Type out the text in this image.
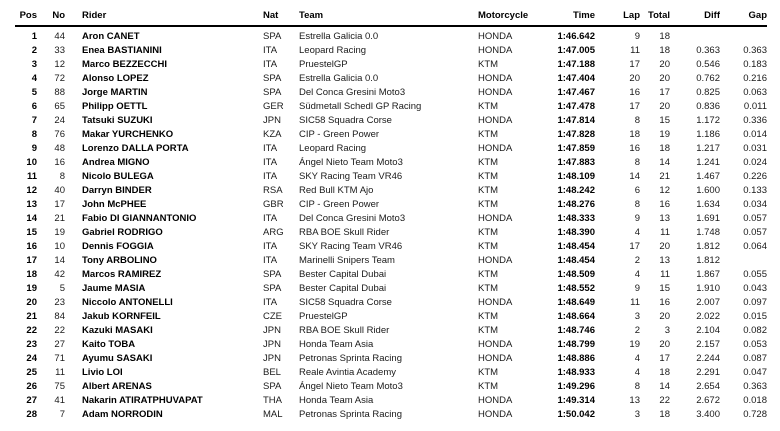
Pos	No	Rider	Nat	Team	Motorcycle	Time	Lap	Total	Diff	Gap
1	44	Aron CANET	SPA	Estrella Galicia 0.0	HONDA	1:46.642	9	18		
2	33	Enea BASTIANINI	ITA	Leopard Racing	HONDA	1:47.005	11	18	0.363	0.363
3	12	Marco BEZZECCHI	ITA	PruestelGP	KTM	1:47.188	17	20	0.546	0.183
4	72	Alonso LOPEZ	SPA	Estrella Galicia 0.0	HONDA	1:47.404	20	20	0.762	0.216
5	88	Jorge MARTIN	SPA	Del Conca Gresini Moto3	HONDA	1:47.467	16	17	0.825	0.063
6	65	Philipp OETTL	GER	Südmetall Schedl GP Racing	KTM	1:47.478	17	20	0.836	0.011
7	24	Tatsuki SUZUKI	JPN	SIC58 Squadra Corse	HONDA	1:47.814	8	15	1.172	0.336
8	76	Makar YURCHENKO	KZA	CIP - Green Power	KTM	1:47.828	18	19	1.186	0.014
9	48	Lorenzo DALLA PORTA	ITA	Leopard Racing	HONDA	1:47.859	16	18	1.217	0.031
10	16	Andrea MIGNO	ITA	Ángel Nieto Team Moto3	KTM	1:47.883	8	14	1.241	0.024
11	8	Nicolo BULEGA	ITA	SKY Racing Team VR46	KTM	1:48.109	14	21	1.467	0.226
12	40	Darryn BINDER	RSA	Red Bull KTM Ajo	KTM	1:48.242	6	12	1.600	0.133
13	17	John McPHEE	GBR	CIP - Green Power	KTM	1:48.276	8	16	1.634	0.034
14	21	Fabio DI GIANNANTONIO	ITA	Del Conca Gresini Moto3	HONDA	1:48.333	9	13	1.691	0.057
15	19	Gabriel RODRIGO	ARG	RBA BOE Skull Rider	KTM	1:48.390	4	11	1.748	0.057
16	10	Dennis FOGGIA	ITA	SKY Racing Team VR46	KTM	1:48.454	17	20	1.812	0.064
17	14	Tony ARBOLINO	ITA	Marinelli Snipers Team	HONDA	1:48.454	2	13	1.812	
18	42	Marcos RAMIREZ	SPA	Bester Capital Dubai	KTM	1:48.509	4	11	1.867	0.055
19	5	Jaume MASIA	SPA	Bester Capital Dubai	KTM	1:48.552	9	15	1.910	0.043
20	23	Niccolo ANTONELLI	ITA	SIC58 Squadra Corse	HONDA	1:48.649	11	16	2.007	0.097
21	84	Jakub KORNFEIL	CZE	PruestelGP	KTM	1:48.664	3	20	2.022	0.015
22	22	Kazuki MASAKI	JPN	RBA BOE Skull Rider	KTM	1:48.746	2	3	2.104	0.082
23	27	Kaito TOBA	JPN	Honda Team Asia	HONDA	1:48.799	19	20	2.157	0.053
24	71	Ayumu SASAKI	JPN	Petronas Sprinta Racing	HONDA	1:48.886	4	17	2.244	0.087
25	11	Livio LOI	BEL	Reale Avintia Academy	KTM	1:48.933	4	18	2.291	0.047
26	75	Albert ARENAS	SPA	Ángel Nieto Team Moto3	KTM	1:49.296	8	14	2.654	0.363
27	41	Nakarin ATIRATPHUVAPAT	THA	Honda Team Asia	HONDA	1:49.314	13	22	2.672	0.018
28	7	Adam NORRODIN	MAL	Petronas Sprinta Racing	HONDA	1:50.042	3	18	3.400	0.728
